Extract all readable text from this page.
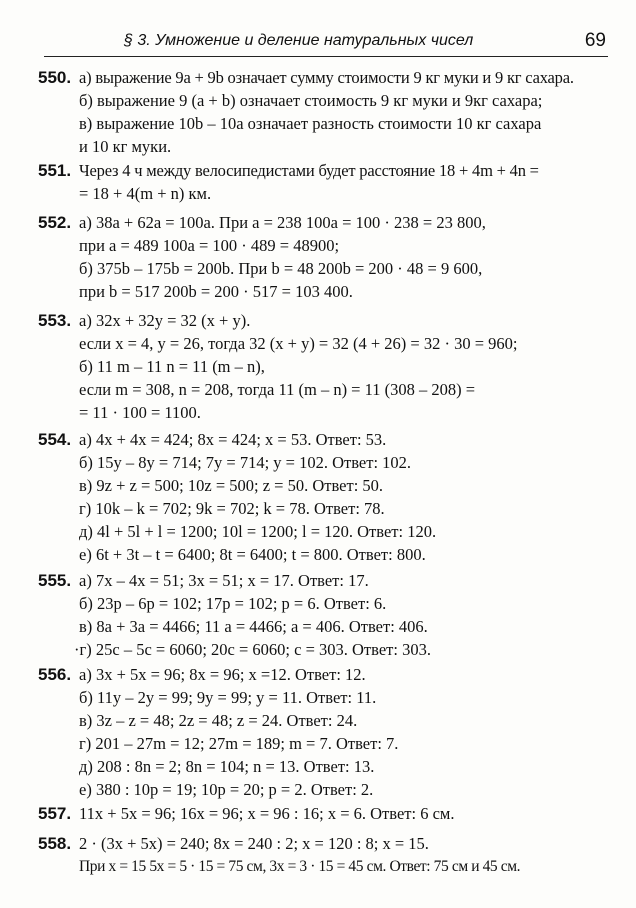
§ 3. Умножение и деление натуральных чисел	69
550. а) выражение 9a + 9b означает сумму стоимости 9 кг муки и 9 кг сахара.
б) выражение 9 (a + b) означает стоимость 9 кг муки и 9кг сахара;
в) выражение 10b – 10a означает разность стоимости 10 кг сахара
и 10 кг муки.
551. Через 4 ч между велосипедистами будет расстояние 18 + 4m + 4n =
= 18 + 4(m + n) км.
552. а) 38a + 62a = 100a. При a = 238 100a = 100 · 238 = 23 800,
при a = 489 100a = 100 · 489 = 48900;
б) 375b – 175b = 200b. При b = 48 200b = 200 · 48 = 9 600,
при b = 517 200b = 200 · 517 = 103 400.
553. а) 32x + 32y = 32 (x + y).
если x = 4, y = 26, тогда 32 (x + y) = 32 (4 + 26) = 32 · 30 = 960;
б) 11 m – 11 n = 11 (m – n),
если m = 308, n = 208, тогда 11 (m – n) = 11 (308 – 208) =
= 11 · 100 = 1100.
554. а) 4x + 4x = 424; 8x = 424; x = 53. Ответ: 53.
б) 15y – 8y = 714; 7y = 714; y = 102. Ответ: 102.
в) 9z + z = 500; 10z = 500; z = 50. Ответ: 50.
г) 10k – k = 702; 9k = 702; k = 78. Ответ: 78.
д) 4l + 5l + l = 1200; 10l = 1200; l = 120. Ответ: 120.
е) 6t + 3t – t = 6400; 8t = 6400; t = 800. Ответ: 800.
555. а) 7x – 4x = 51; 3x = 51; x = 17. Ответ: 17.
б) 23p – 6p = 102; 17p = 102; p = 6. Ответ: 6.
в) 8a + 3a = 4466; 11 a = 4466; a = 406. Ответ: 406.
·г) 25c – 5c = 6060; 20c = 6060; c = 303. Ответ: 303.
556. а) 3x + 5x = 96; 8x = 96; x =12. Ответ: 12.
б) 11y – 2y = 99; 9y = 99; y = 11. Ответ: 11.
в) 3z – z = 48; 2z = 48; z = 24. Ответ: 24.
г) 201 – 27m = 12; 27m = 189; m = 7. Ответ: 7.
д) 208 : 8n = 2; 8n = 104; n = 13. Ответ: 13.
е) 380 : 10p = 19; 10p = 20; p = 2. Ответ: 2.
557. 11x + 5x = 96; 16x = 96; x = 96 : 16; x = 6. Ответ: 6 см.
558. 2 · (3x + 5x) = 240; 8x = 240 : 2; x = 120 : 8; x = 15.
При x = 15 5x = 5 · 15 = 75 см, 3x = 3 · 15 = 45 см. Ответ: 75 см и 45 см.
